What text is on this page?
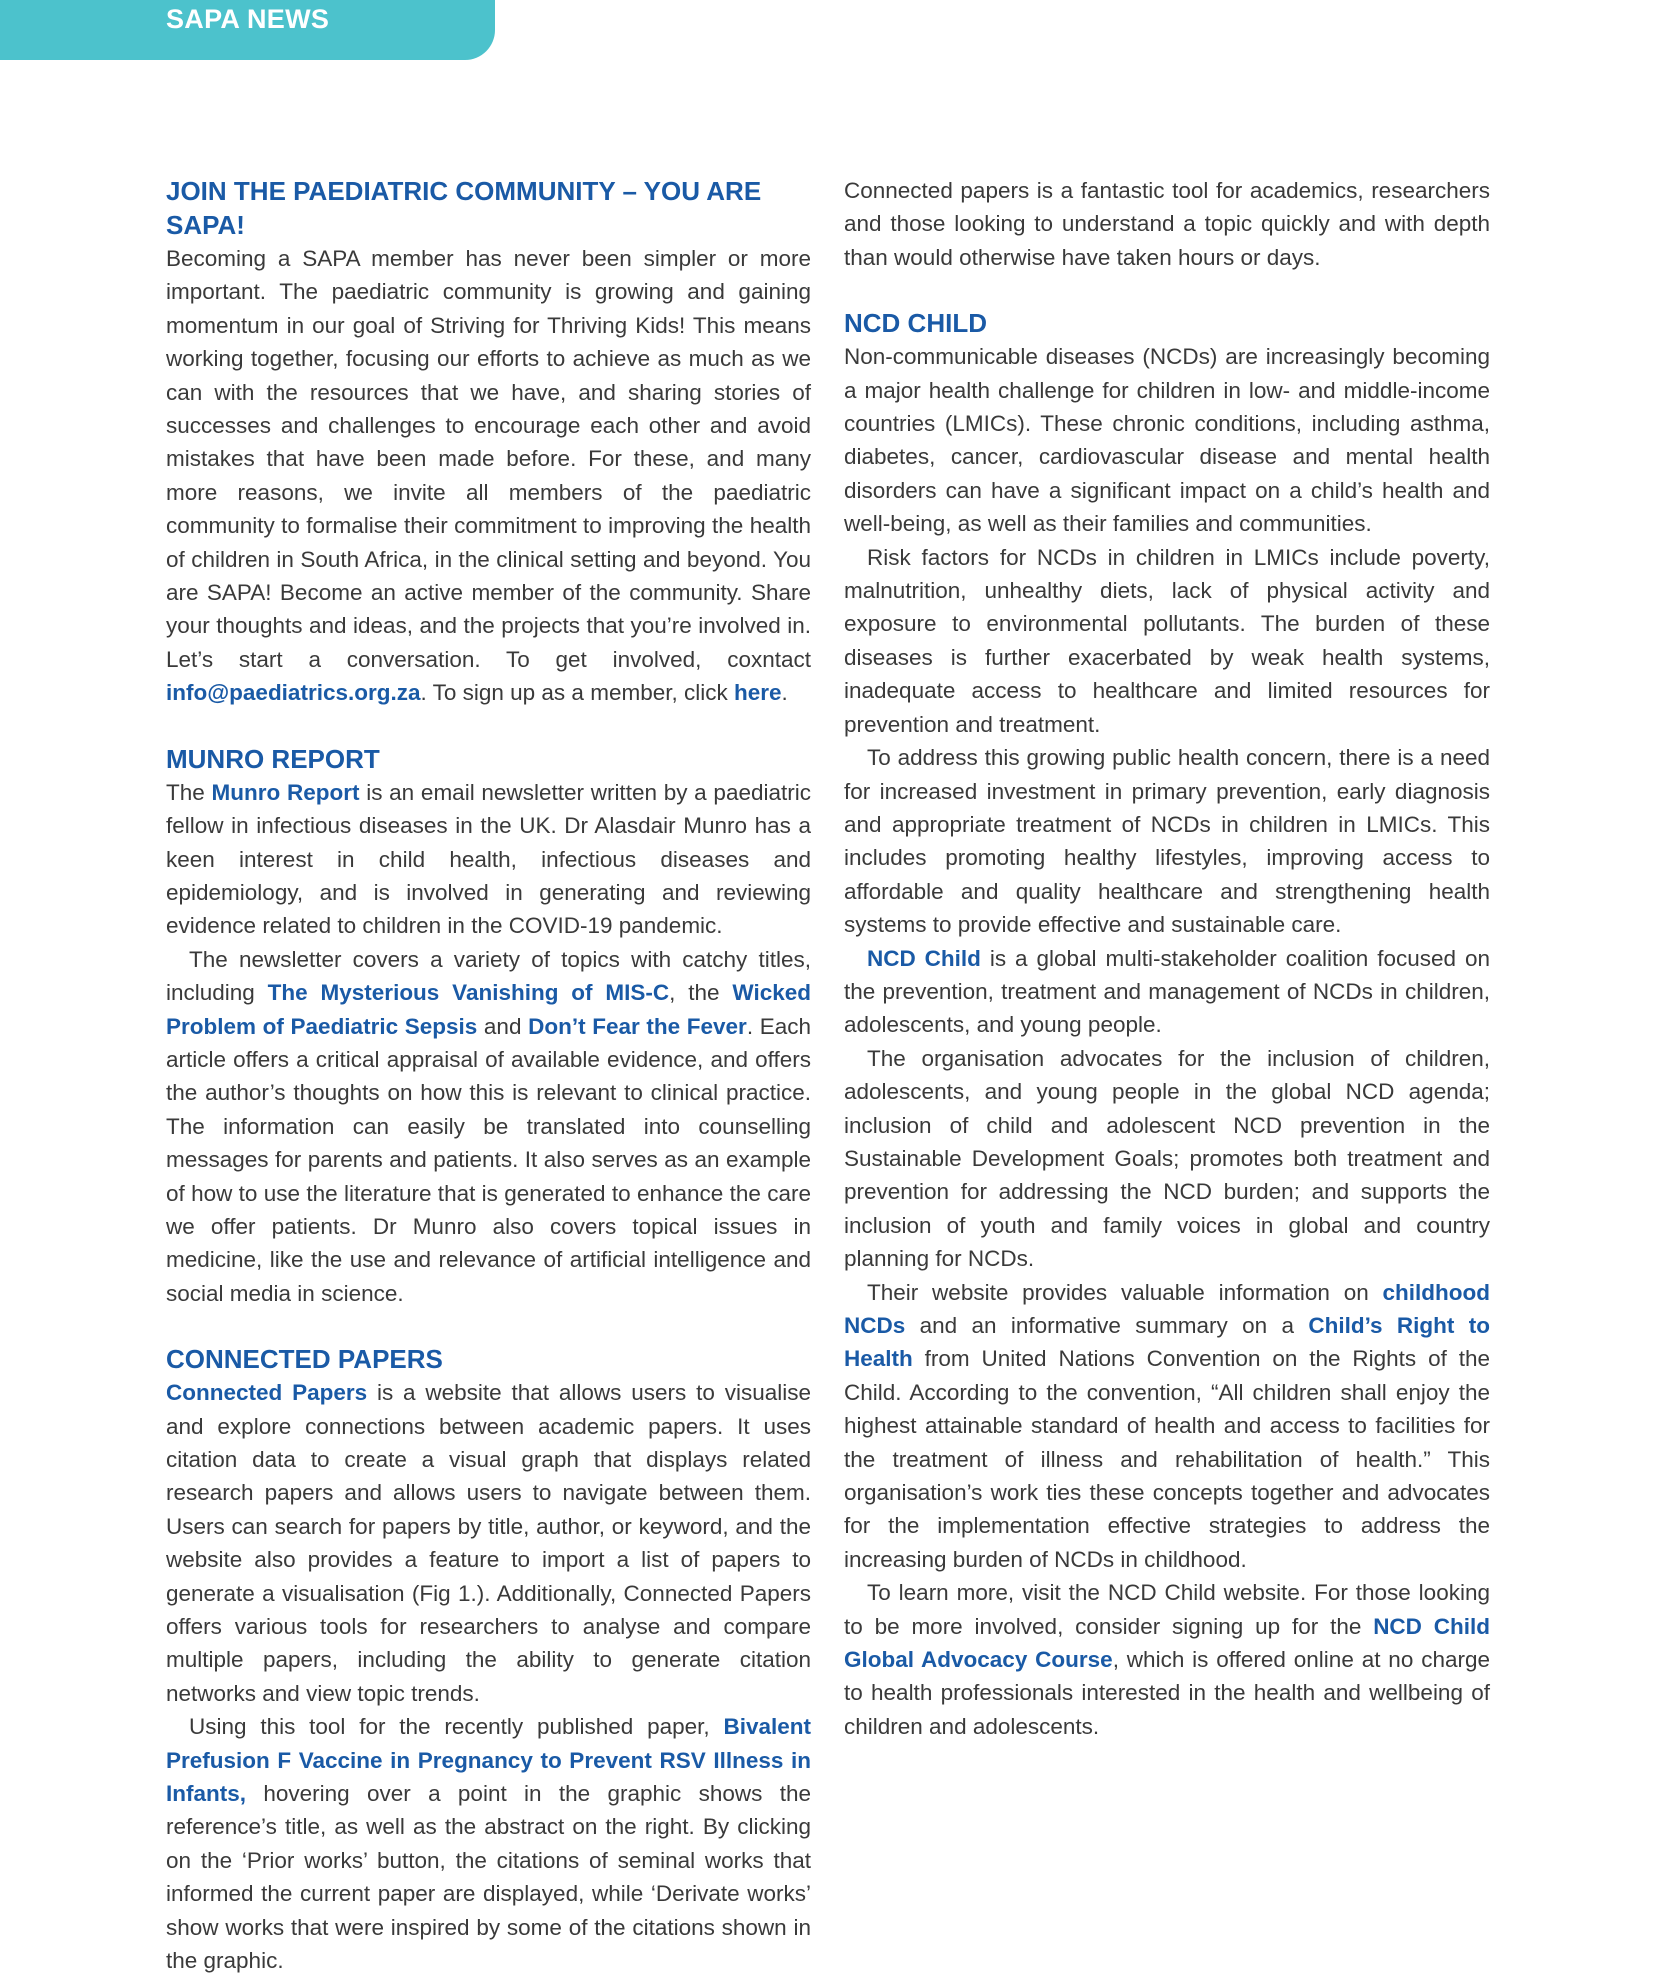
SAPA NEWS
JOIN THE PAEDIATRIC COMMUNITY – YOU ARE SAPA!

Becoming a SAPA member has never been simpler or more important. The paediatric community is growing and gaining momentum in our goal of Striving for Thriving Kids! This means working together, focusing our efforts to achieve as much as we can with the resources that we have, and sharing stories of successes and challenges to encourage each other and avoid mistakes that have been made before. For these, and many more reasons, we invite all members of the paediatric community to formalise their commitment to improving the health of children in South Africa, in the clinical setting and beyond. You are SAPA! Become an active member of the community. Share your thoughts and ideas, and the projects that you’re involved in. Let’s start a conversation. To get involved, coxntact info@paediatrics.org.za. To sign up as a member, click here.

MUNRO REPORT

The Munro Report is an email newsletter written by a paediatric fellow in infectious diseases in the UK. Dr Alasdair Munro has a keen interest in child health, infectious diseases and epidemiology, and is involved in generating and reviewing evidence related to children in the COVID-19 pandemic.

The newsletter covers a variety of topics with catchy titles, including The Mysterious Vanishing of MIS-C, the Wicked Problem of Paediatric Sepsis and Don’t Fear the Fever. Each article offers a critical appraisal of available evidence, and offers the author’s thoughts on how this is relevant to clinical practice. The information can easily be translated into counselling messages for parents and patients. It also serves as an example of how to use the literature that is generated to enhance the care we offer patients. Dr Munro also covers topical issues in medicine, like the use and relevance of artificial intelligence and social media in science.

CONNECTED PAPERS

Connected Papers is a website that allows users to visualise and explore connections between academic papers. It uses citation data to create a visual graph that displays related research papers and allows users to navigate between them. Users can search for papers by title, author, or keyword, and the website also provides a feature to import a list of papers to generate a visualisation (Fig 1.). Additionally, Connected Papers offers various tools for researchers to analyse and compare multiple papers, including the ability to generate citation networks and view topic trends.

Using this tool for the recently published paper, Bivalent Prefusion F Vaccine in Pregnancy to Prevent RSV Illness in Infants, hovering over a point in the graphic shows the reference’s title, as well as the abstract on the right. By clicking on the ‘Prior works’ button, the citations of seminal works that informed the current paper are displayed, while ‘Derivate works’ show works that were inspired by some of the citations shown in the graphic.

Connected papers is a fantastic tool for academics, researchers and those looking to understand a topic quickly and with depth than would otherwise have taken hours or days.

NCD CHILD

Non-communicable diseases (NCDs) are increasingly becoming a major health challenge for children in low- and middle-income countries (LMICs). These chronic conditions, including asthma, diabetes, cancer, cardiovascular disease and mental health disorders can have a significant impact on a child’s health and well-being, as well as their families and communities.

Risk factors for NCDs in children in LMICs include poverty, malnutrition, unhealthy diets, lack of physical activity and exposure to environmental pollutants. The burden of these diseases is further exacerbated by weak health systems, inadequate access to healthcare and limited resources for prevention and treatment.

To address this growing public health concern, there is a need for increased investment in primary prevention, early diagnosis and appropriate treatment of NCDs in children in LMICs. This includes promoting healthy lifestyles, improving access to affordable and quality healthcare and strengthening health systems to provide effective and sustainable care.

NCD Child is a global multi-stakeholder coalition focused on the prevention, treatment and management of NCDs in children, adolescents, and young people.

The organisation advocates for the inclusion of children, adolescents, and young people in the global NCD agenda; inclusion of child and adolescent NCD prevention in the Sustainable Development Goals; promotes both treatment and prevention for addressing the NCD burden; and supports the inclusion of youth and family voices in global and country planning for NCDs.

Their website provides valuable information on childhood NCDs and an informative summary on a Child’s Right to Health from United Nations Convention on the Rights of the Child. According to the convention, “All children shall enjoy the highest attainable standard of health and access to facilities for the treatment of illness and rehabilitation of health.” This organisation’s work ties these concepts together and advocates for the implementation effective strategies to address the increasing burden of NCDs in childhood.

To learn more, visit the NCD Child website. For those looking to be more involved, consider signing up for the NCD Child Global Advocacy Course, which is offered online at no charge to health professionals interested in the health and wellbeing of children and adolescents.
